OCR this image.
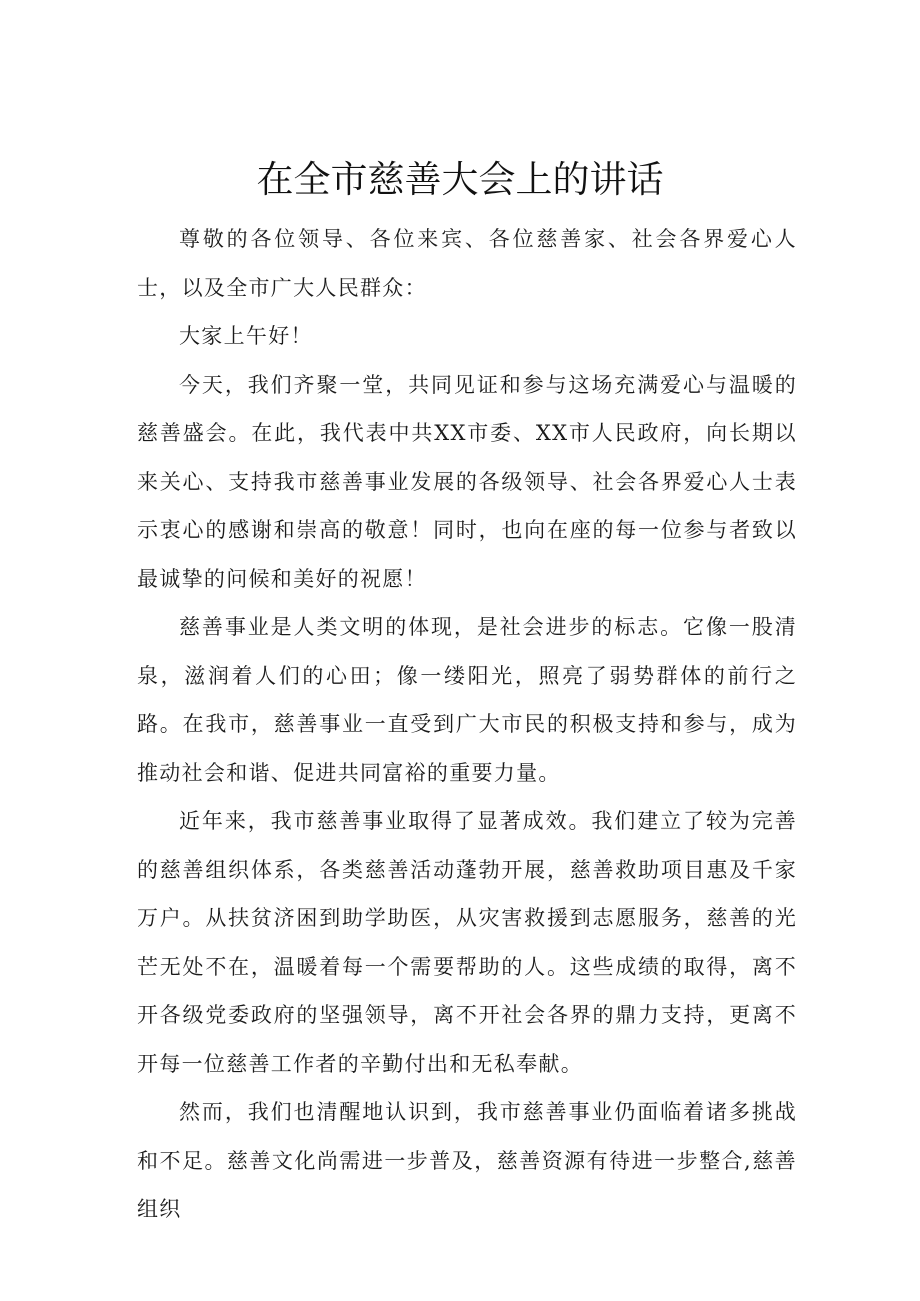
在全市慈善大会上的讲话

尊敬的各位领导、各位来宾、各位慈善家、社会各界爱心人士，以及全市广大人民群众：

大家上午好！

今天，我们齐聚一堂，共同见证和参与这场充满爱心与温暖的慈善盛会。在此，我代表中共XX市委、XX市人民政府，向长期以来关心、支持我市慈善事业发展的各级领导、社会各界爱心人士表示衷心的感谢和崇高的敬意！同时，也向在座的每一位参与者致以最诚挚的问候和美好的祝愿！

慈善事业是人类文明的体现，是社会进步的标志。它像一股清泉，滋润着人们的心田；像一缕阳光，照亮了弱势群体的前行之路。在我市，慈善事业一直受到广大市民的积极支持和参与，成为推动社会和谐、促进共同富裕的重要力量。

近年来，我市慈善事业取得了显著成效。我们建立了较为完善的慈善组织体系，各类慈善活动蓬勃开展，慈善救助项目惠及千家万户。从扶贫济困到助学助医，从灾害救援到志愿服务，慈善的光芒无处不在，温暖着每一个需要帮助的人。这些成绩的取得，离不开各级党委政府的坚强领导，离不开社会各界的鼎力支持，更离不开每一位慈善工作者的辛勤付出和无私奉献。

然而，我们也清醒地认识到，我市慈善事业仍面临着诸多挑战和不足。慈善文化尚需进一步普及，慈善资源有待进一步整合,慈善组织
